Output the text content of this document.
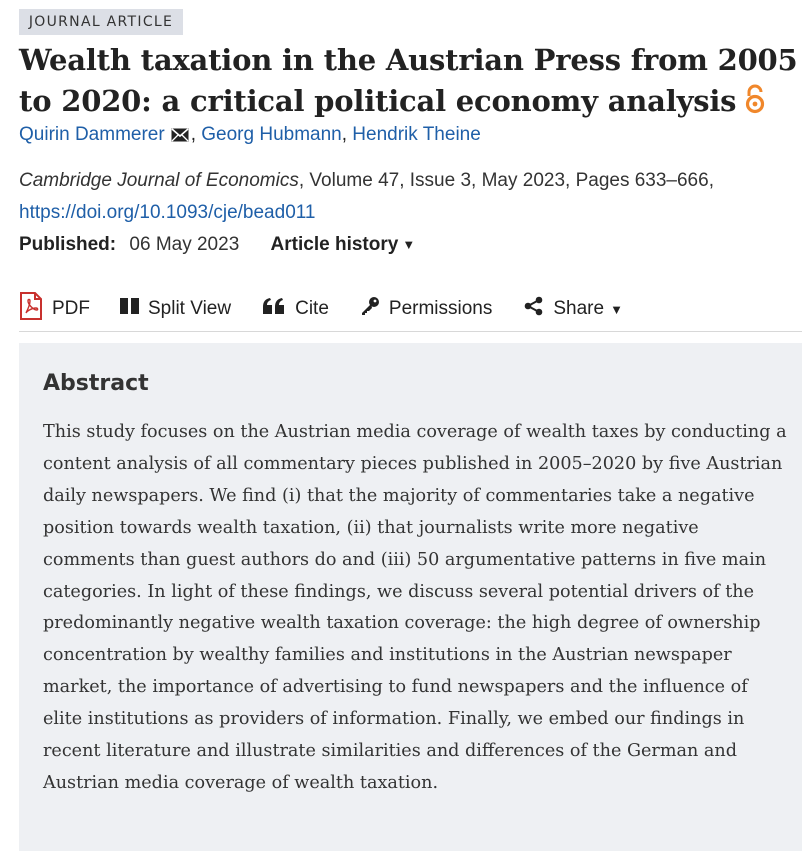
JOURNAL ARTICLE
Wealth taxation in the Austrian Press from 2005 to 2020: a critical political economy analysis
Quirin Dammerer , Georg Hubmann, Hendrik Theine
Cambridge Journal of Economics, Volume 47, Issue 3, May 2023, Pages 633–666,
https://doi.org/10.1093/cje/bead011
Published: 06 May 2023 Article history ▼
PDF	Split View	Cite	Permissions	Share ▼
Abstract

This study focuses on the Austrian media coverage of wealth taxes by conducting a content analysis of all commentary pieces published in 2005–2020 by five Austrian daily newspapers. We find (i) that the majority of commentaries take a negative position towards wealth taxation, (ii) that journalists write more negative comments than guest authors do and (iii) 50 argumentative patterns in five main categories. In light of these findings, we discuss several potential drivers of the predominantly negative wealth taxation coverage: the high degree of ownership concentration by wealthy families and institutions in the Austrian newspaper market, the importance of advertising to fund newspapers and the influence of elite institutions as providers of information. Finally, we embed our findings in recent literature and illustrate similarities and differences of the German and Austrian media coverage of wealth taxation.
